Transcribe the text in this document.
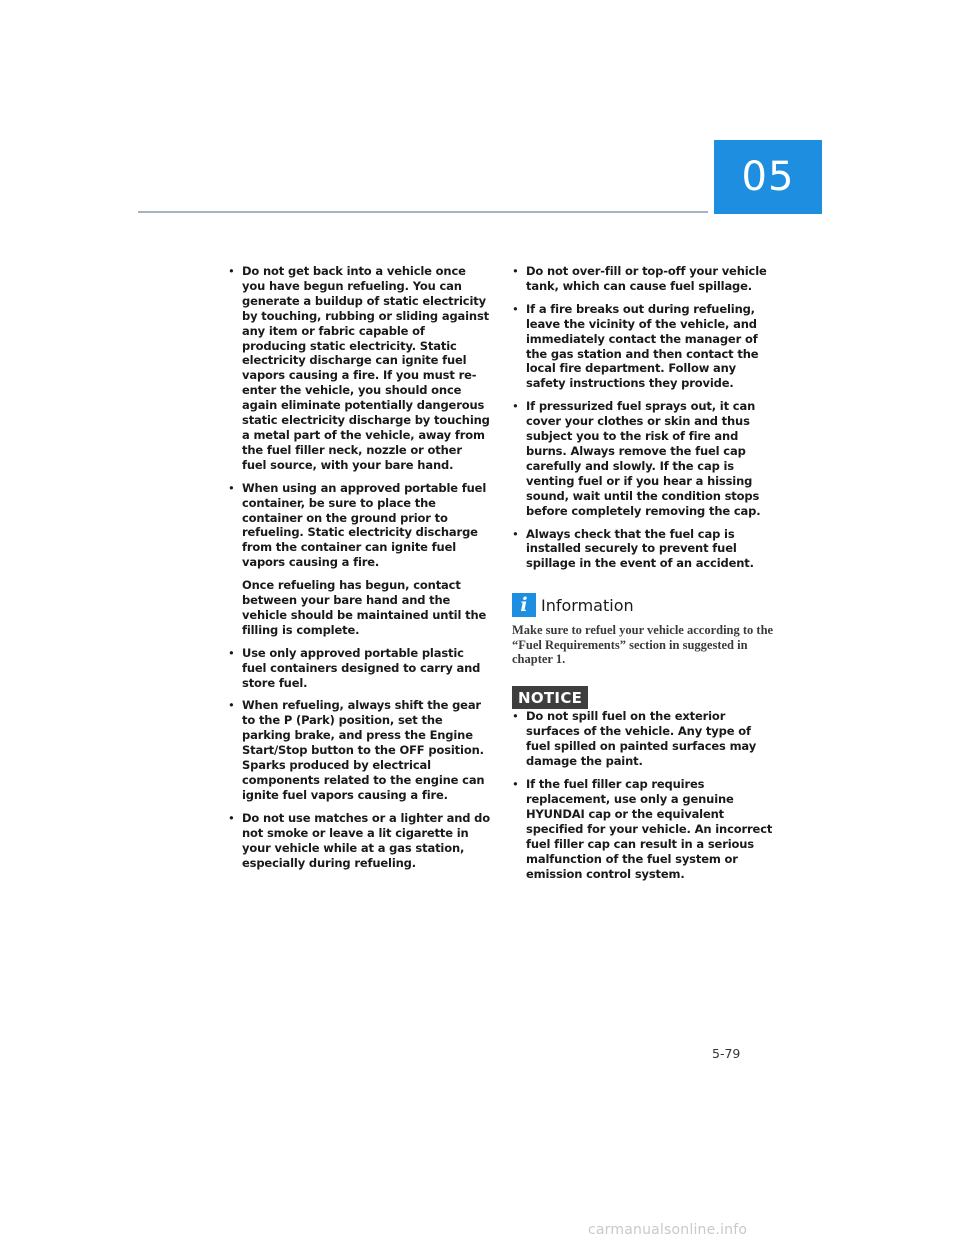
05

• Do not get back into a vehicle once you have begun refueling. You can generate a buildup of static electricity by touching, rubbing or sliding against any item or fabric capable of producing static electricity. Static electricity discharge can ignite fuel vapors causing a fire. If you must re-enter the vehicle, you should once again eliminate potentially dangerous static electricity discharge by touching a metal part of the vehicle, away from the fuel filler neck, nozzle or other fuel source, with your bare hand.

• When using an approved portable fuel container, be sure to place the container on the ground prior to refueling. Static electricity discharge from the container can ignite fuel vapors causing a fire.

Once refueling has begun, contact between your bare hand and the vehicle should be maintained until the filling is complete.

• Use only approved portable plastic fuel containers designed to carry and store fuel.

• When refueling, always shift the gear to the P (Park) position, set the parking brake, and press the Engine Start/Stop button to the OFF position. Sparks produced by electrical components related to the engine can ignite fuel vapors causing a fire.

• Do not use matches or a lighter and do not smoke or leave a lit cigarette in your vehicle while at a gas station, especially during refueling.

• Do not over-fill or top-off your vehicle tank, which can cause fuel spillage.

• If a fire breaks out during refueling, leave the vicinity of the vehicle, and immediately contact the manager of the gas station and then contact the local fire department. Follow any safety instructions they provide.

• If pressurized fuel sprays out, it can cover your clothes or skin and thus subject you to the risk of fire and burns. Always remove the fuel cap carefully and slowly. If the cap is venting fuel or if you hear a hissing sound, wait until the condition stops before completely removing the cap.

• Always check that the fuel cap is installed securely to prevent fuel spillage in the event of an accident.

i Information
Make sure to refuel your vehicle according to the “Fuel Requirements” section in suggested in chapter 1.
NOTICE

• Do not spill fuel on the exterior surfaces of the vehicle. Any type of fuel spilled on painted surfaces may damage the paint.

• If the fuel filler cap requires replacement, use only a genuine HYUNDAI cap or the equivalent specified for your vehicle. An incorrect fuel filler cap can result in a serious malfunction of the fuel system or emission control system.

5-79
carmanualsonline.info
